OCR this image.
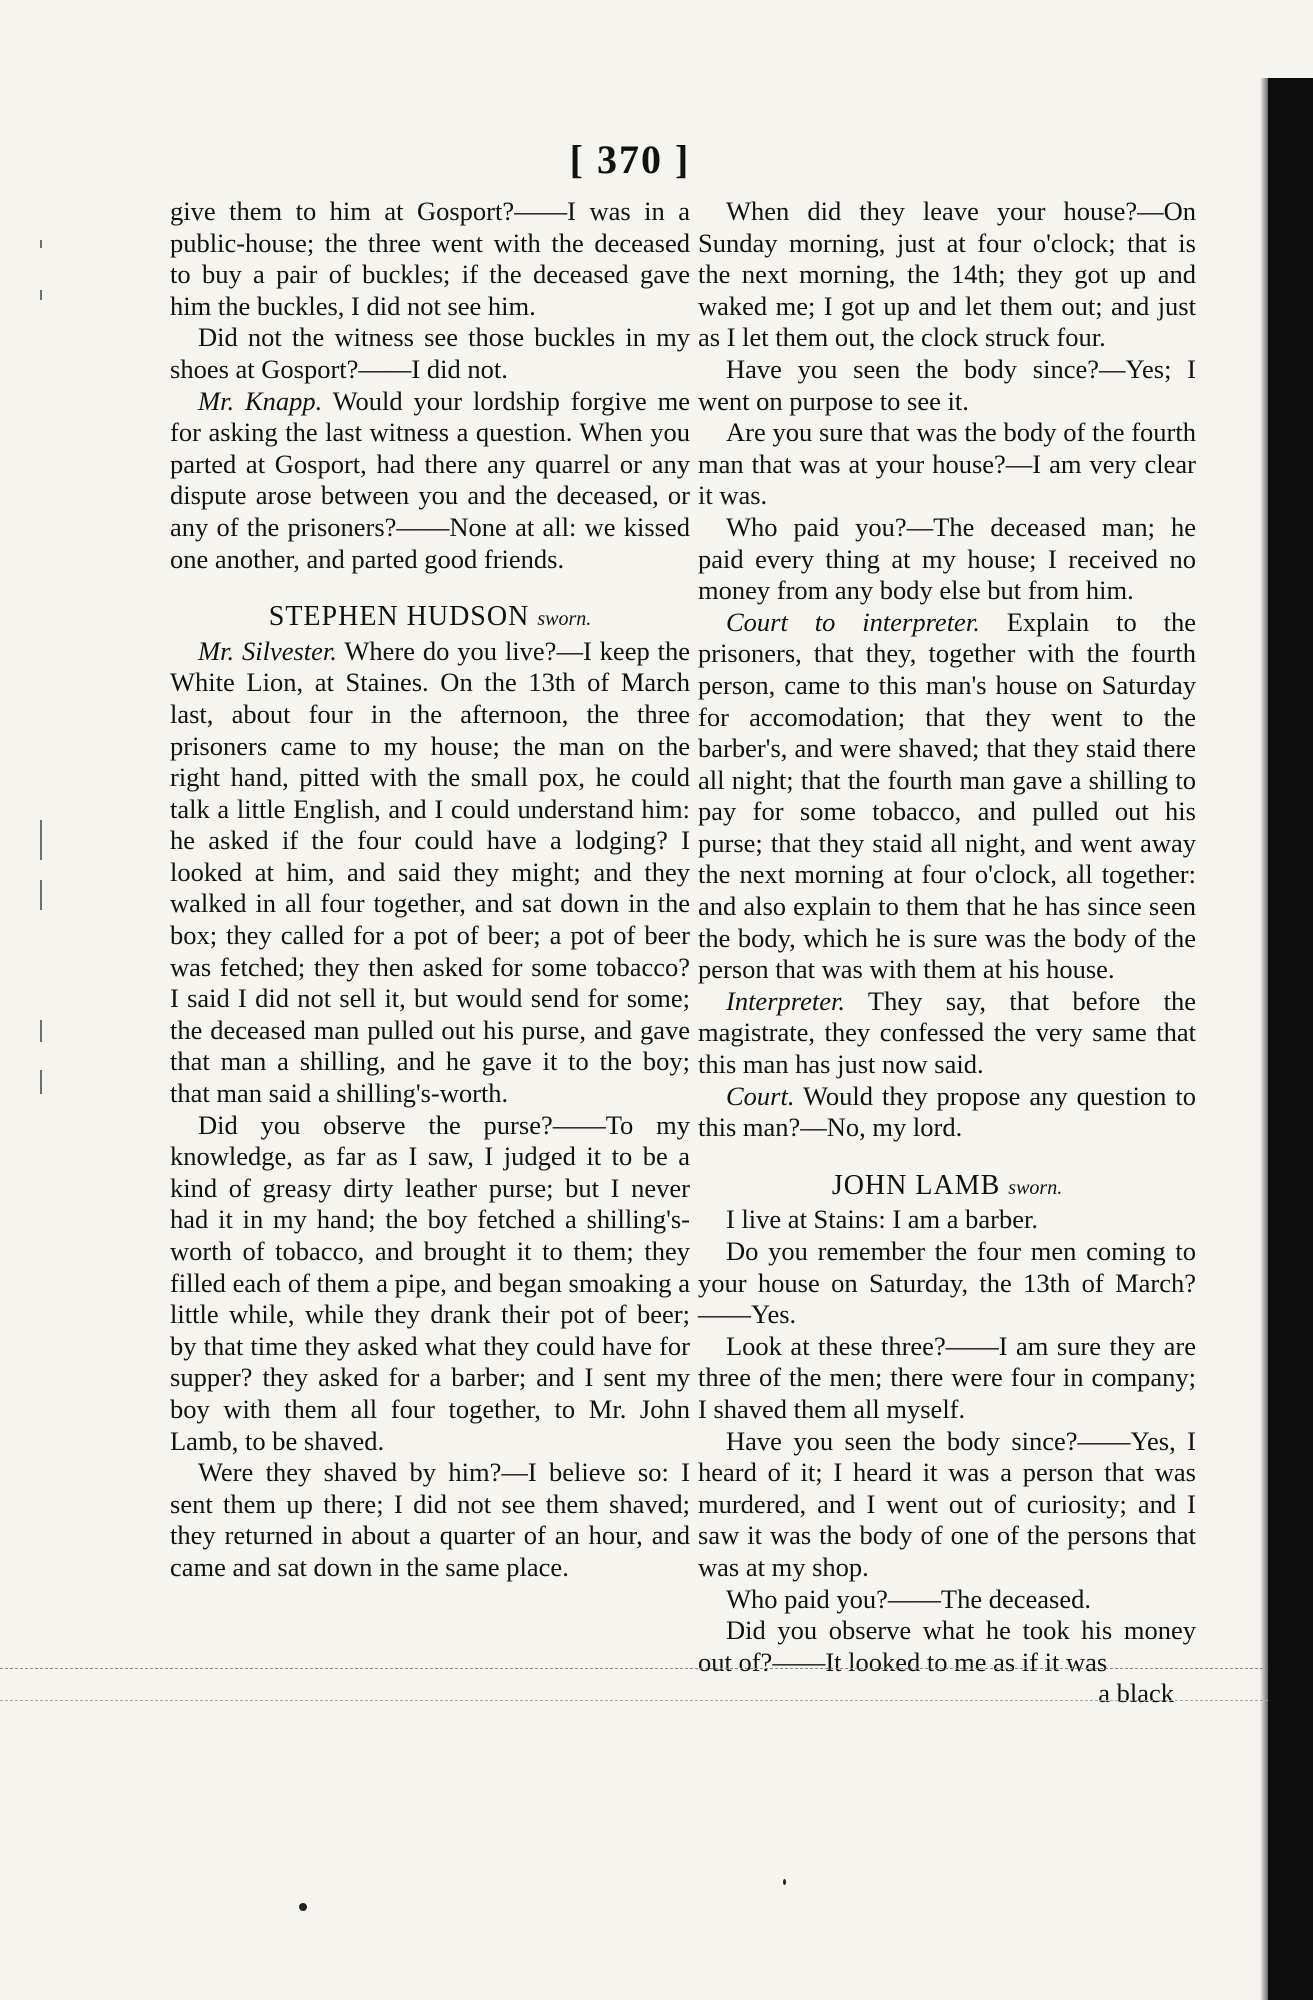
[ 370 ]

give them to him at Gosport?——I was in a public-house; the three went with the deceased to buy a pair of buckles; if the deceased gave him the buckles, I did not see him.

Did not the witness see those buckles in my shoes at Gosport?——I did not.

Mr. Knapp. Would your lordship forgive me for asking the last witness a question. When you parted at Gosport, had there any quarrel or any dispute arose between you and the deceased, or any of the prisoners?——None at all: we kissed one another, and parted good friends.

STEPHEN HUDSON sworn.

Mr. Silvester. Where do you live?—I keep the White Lion, at Staines. On the 13th of March last, about four in the afternoon, the three prisoners came to my house; the man on the right hand, pitted with the small pox, he could talk a little English, and I could understand him: he asked if the four could have a lodging? I looked at him, and said they might; and they walked in all four together, and sat down in the box; they called for a pot of beer; a pot of beer was fetched; they then asked for some tobacco? I said I did not sell it, but would send for some; the deceased man pulled out his purse, and gave that man a shilling, and he gave it to the boy; that man said a shilling's-worth.

Did you observe the purse?——To my knowledge, as far as I saw, I judged it to be a kind of greasy dirty leather purse; but I never had it in my hand; the boy fetched a shilling's-worth of tobacco, and brought it to them; they filled each of them a pipe, and began smoaking a little while, while they drank their pot of beer; by that time they asked what they could have for supper? they asked for a barber; and I sent my boy with them all four together, to Mr. John Lamb, to be shaved.

Were they shaved by him?—I believe so: I sent them up there; I did not see them shaved; they returned in about a quarter of an hour, and came and sat down in the same place.

When did they leave your house?—On Sunday morning, just at four o'clock; that is the next morning, the 14th; they got up and waked me; I got up and let them out; and just as I let them out, the clock struck four.

Have you seen the body since?—Yes; I went on purpose to see it.

Are you sure that was the body of the fourth man that was at your house?—I am very clear it was.

Who paid you?—The deceased man; he paid every thing at my house; I received no money from any body else but from him.

Court to interpreter. Explain to the prisoners, that they, together with the fourth person, came to this man's house on Saturday for accomodation; that they went to the barber's, and were shaved; that they staid there all night; that the fourth man gave a shilling to pay for some tobacco, and pulled out his purse; that they staid all night, and went away the next morning at four o'clock, all together: and also explain to them that he has since seen the body, which he is sure was the body of the person that was with them at his house.

Interpreter. They say, that before the magistrate, they confessed the very same that this man has just now said.

Court. Would they propose any question to this man?—No, my lord.

JOHN LAMB sworn.

I live at Stains: I am a barber.

Do you remember the four men coming to your house on Saturday, the 13th of March?——Yes.

Look at these three?——I am sure they are three of the men; there were four in company; I shaved them all myself.

Have you seen the body since?——Yes, I heard of it; I heard it was a person that was murdered, and I went out of curiosity; and I saw it was the body of one of the persons that was at my shop.

Who paid you?——The deceased.

Did you observe what he took his money out of?——It looked to me as if it was

a black
